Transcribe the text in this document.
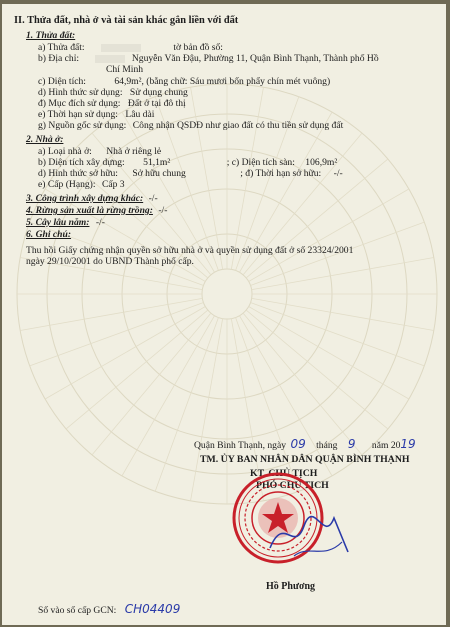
II. Thửa đất, nhà ở và tài sản khác gắn liền với đất
1. Thửa đất:
a) Thửa đất:	tờ bản đồ số:
b) Địa chỉ:	Nguyễn Văn Đậu, Phường 11, Quận Bình Thạnh, Thành phố Hồ
Chí Minh
c) Diện tích:	64,9m², (bằng chữ: Sáu mươi bốn phẩy chín mét vuông)
d) Hình thức sử dụng: Sử dụng chung
đ) Mục đích sử dụng: Đất ở tại đô thị
e) Thời hạn sử dụng: Lâu dài
g) Nguồn gốc sử dụng: Công nhận QSDĐ như giao đất có thu tiền sử dụng đất
2. Nhà ở:
a) Loại nhà ở: Nhà ở riêng lẻ
b) Diện tích xây dựng: 51,1m²	; c) Diện tích sàn: 106,9m²
d) Hình thức sở hữu: Sở hữu chung	; đ) Thời hạn sở hữu: -/-
e) Cấp (Hạng): Cấp 3
3. Công trình xây dựng khác: -/-
4. Rừng sản xuất là rừng trồng: -/-
5. Cây lâu năm: -/-
6. Ghi chú:
Thu hồi Giấy chứng nhận quyền sở hữu nhà ở và quyền sử dụng đất ở số 23324/2001
ngày 29/10/2001 do UBND Thành phố cấp.
Quận Bình Thạnh, ngày 09 tháng 9 năm 2019
TM. ỦY BAN NHÂN DÂN QUẬN BÌNH THẠNH
KT. CHỦ TỊCH
PHÓ CHỦ TỊCH
Hồ Phương
Số vào sổ cấp GCN: CH04409
